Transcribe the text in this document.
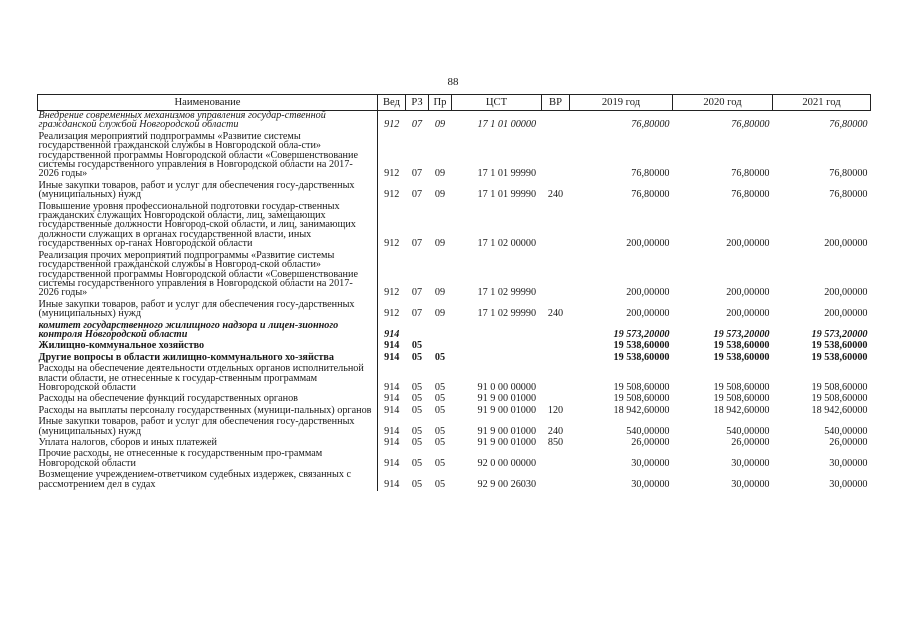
88
Наименование	Вед	РЗ	Пр	ЦСТ	ВР	2019 год	2020 год	2021 год
Внедрение современных механизмов управления государ-ственной гражданской службой Новгородской области	912	07	09	17 1 01 00000		76,80000	76,80000	76,80000
Реализация мероприятий подпрограммы «Развитие системы государственной гражданской службы в Новгородской обла-сти» государственной программы Новгородской области «Совершенствование системы государственного управления в Новгородской области на 2017-2026 годы»	912	07	09	17 1 01 99990		76,80000	76,80000	76,80000
Иные закупки товаров, работ и услуг для обеспечения госу-дарственных (муниципальных) нужд	912	07	09	17 1 01 99990	240	76,80000	76,80000	76,80000
Повышение уровня профессиональной подготовки государ-ственных гражданских служащих Новгородской области, лиц, замещающих государственные должности Новгород-ской области, и лиц, занимающих должности служащих в органах государственной власти, иных государственных ор-ганах Новгородской области	912	07	09	17 1 02 00000		200,00000	200,00000	200,00000
Реализация прочих мероприятий подпрограммы «Развитие системы государственной гражданской службы в Новгород-ской области» государственной программы Новгородской области «Совершенствование системы государственного управления в Новгородской области на 2017-2026 годы»	912	07	09	17 1 02 99990		200,00000	200,00000	200,00000
Иные закупки товаров, работ и услуг для обеспечения госу-дарственных (муниципальных) нужд	912	07	09	17 1 02 99990	240	200,00000	200,00000	200,00000
комитет государственного жилищного надзора и лицен-зионного контроля Новгородской области	914					19 573,20000	19 573,20000	19 573,20000
Жилищно-коммунальное хозяйство	914	05				19 538,60000	19 538,60000	19 538,60000
Другие вопросы в области жилищно-коммунального хо-зяйства	914	05	05			19 538,60000	19 538,60000	19 538,60000
Расходы на обеспечение деятельности отдельных органов исполнительной власти области, не отнесенные к государ-ственным программам Новгородской области	914	05	05	91 0 00 00000		19 508,60000	19 508,60000	19 508,60000
Расходы на обеспечение функций государственных органов	914	05	05	91 9 00 01000		19 508,60000	19 508,60000	19 508,60000
Расходы на выплаты персоналу государственных (муници-пальных) органов	914	05	05	91 9 00 01000	120	18 942,60000	18 942,60000	18 942,60000
Иные закупки товаров, работ и услуг для обеспечения госу-дарственных (муниципальных) нужд	914	05	05	91 9 00 01000	240	540,00000	540,00000	540,00000
Уплата налогов, сборов и иных платежей	914	05	05	91 9 00 01000	850	26,00000	26,00000	26,00000
Прочие расходы, не отнесенные к государственным про-граммам Новгородской области	914	05	05	92 0 00 00000		30,00000	30,00000	30,00000
Возмещение учреждением-ответчиком судебных издержек, связанных с рассмотрением дел в судах	914	05	05	92 9 00 26030		30,00000	30,00000	30,00000
